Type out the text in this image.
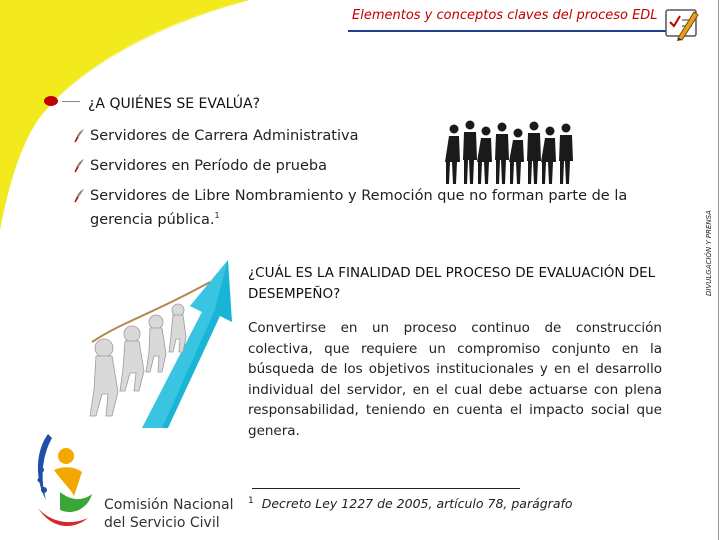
Elementos y conceptos claves del proceso EDL
DIVULGACIÓN Y PRENSA
¿A QUIÉNES SE EVALÚA?
Servidores de Carrera Administrativa
Servidores en Período de prueba
Servidores de Libre Nombramiento y Remoción que no forman parte de la gerencia pública.$^1$
¿CUÁL ES LA FINALIDAD DEL PROCESO DE EVALUACIÓN DEL DESEMPEÑO?
Convertirse en un proceso continuo de construcción colectiva, que requiere un compromiso conjunto en la búsqueda de los objetivos institucionales y en el desarrollo individual del servidor, en el cual debe actuarse con plena responsabilidad, teniendo en cuenta el impacto social que genera.
$^1$ Decreto Ley 1227 de 2005, artículo 78, parágrafo
Comisión Nacional
del Servicio Civil
